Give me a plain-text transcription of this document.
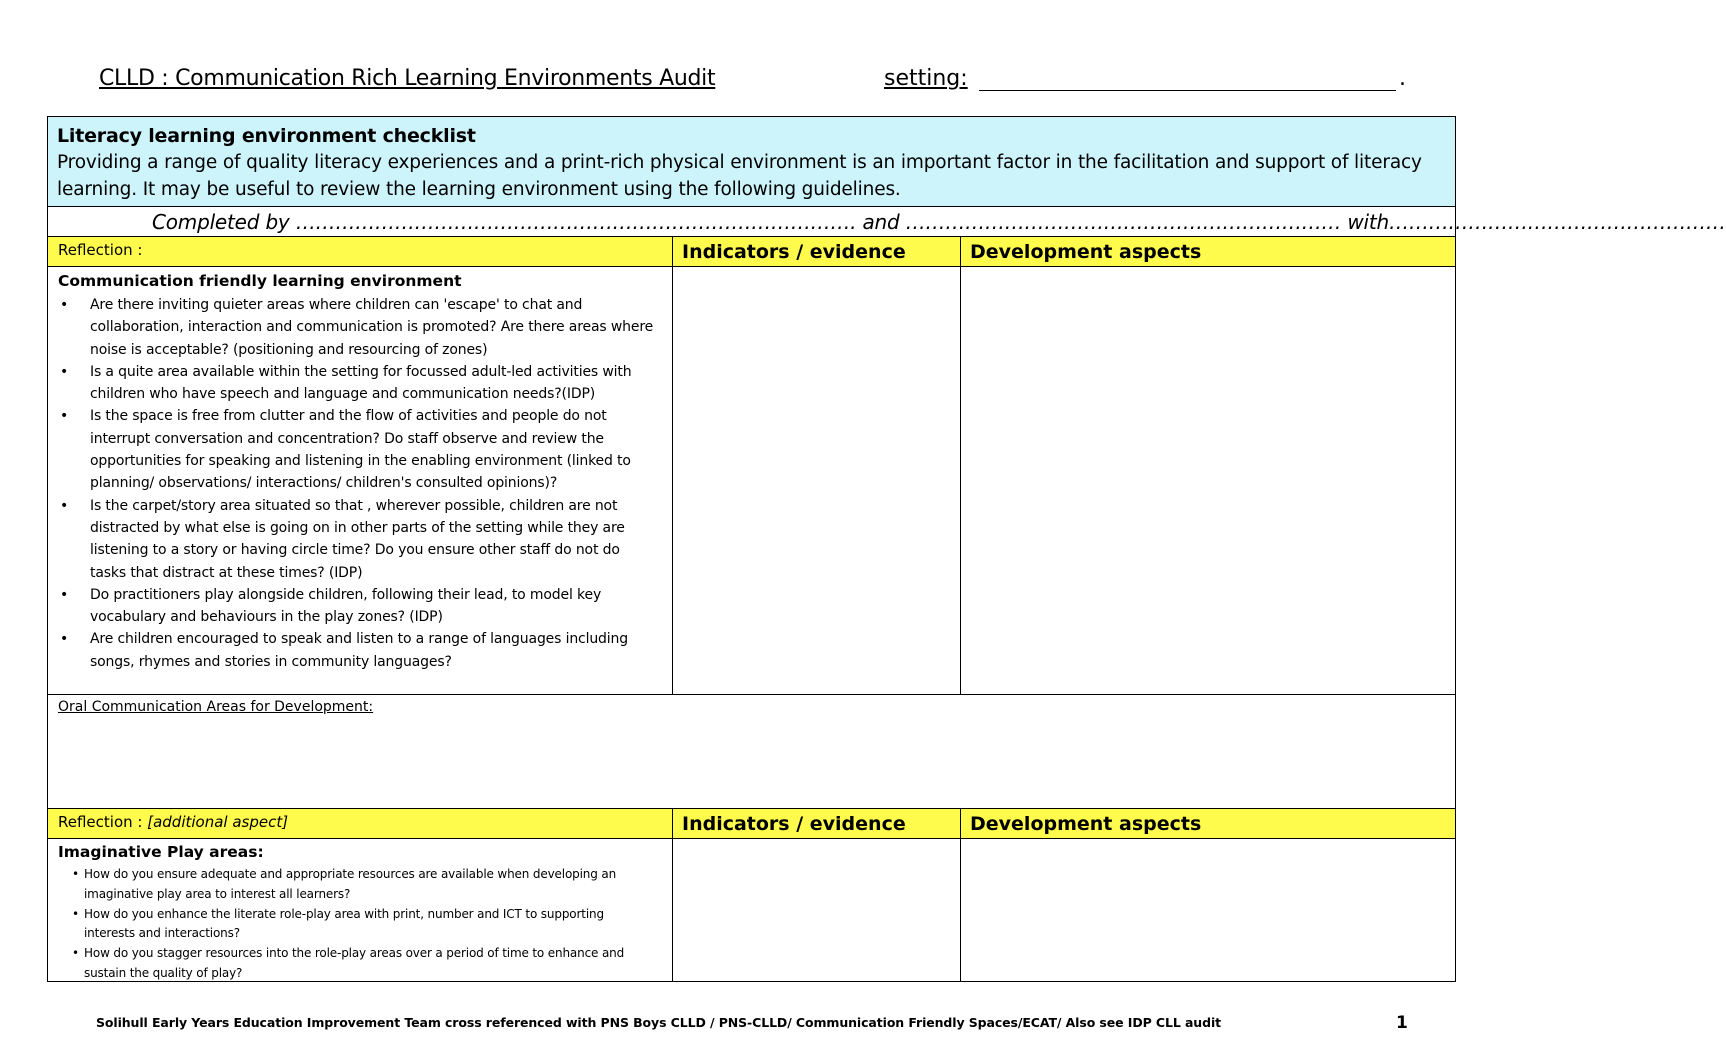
CLLD : Communication Rich Learning Environments Audit	setting:	.
Literacy learning environment checklist
Providing a range of quality literacy experiences and a print-rich physical environment is an important factor in the facilitation and support of literacy learning. It may be useful to review the learning environment using the following guidelines.
Completed by …………………………………………………………………………. and ………………………………………………………… with……………………………………………
Reflection :	Indicators / evidence	Development aspects
Communication friendly learning environment
• Are there inviting quieter areas where children can 'escape' to chat and collaboration, interaction and communication is promoted? Are there areas where noise is acceptable? (positioning and resourcing of zones)
• Is a quite area available within the setting for focussed adult-led activities with children who have speech and language and communication needs?(IDP)
• Is the space is free from clutter and the flow of activities and people do not interrupt conversation and concentration? Do staff observe and review the opportunities for speaking and listening in the enabling environment (linked to planning/ observations/ interactions/ children's consulted opinions)?
• Is the carpet/story area situated so that , wherever possible, children are not distracted by what else is going on in other parts of the setting while they are listening to a story or having circle time? Do you ensure other staff do not do tasks that distract at these times? (IDP)
• Do practitioners play alongside children, following their lead, to model key vocabulary and behaviours in the play zones? (IDP)
• Are children encouraged to speak and listen to a range of languages including songs, rhymes and stories in community languages?
Oral Communication Areas for Development:
Reflection : [additional aspect]	Indicators / evidence	Development aspects
Imaginative Play areas:
• How do you ensure adequate and appropriate resources are available when developing an imaginative play area to interest all learners?
• How do you enhance the literate role-play area with print, number and ICT to supporting interests and interactions?
• How do you stagger resources into the role-play areas over a period of time to enhance and sustain the quality of play?
Solihull Early Years Education Improvement Team cross referenced with PNS Boys CLLD / PNS-CLLD/ Communication Friendly Spaces/ECAT/ Also see IDP CLL audit	1
